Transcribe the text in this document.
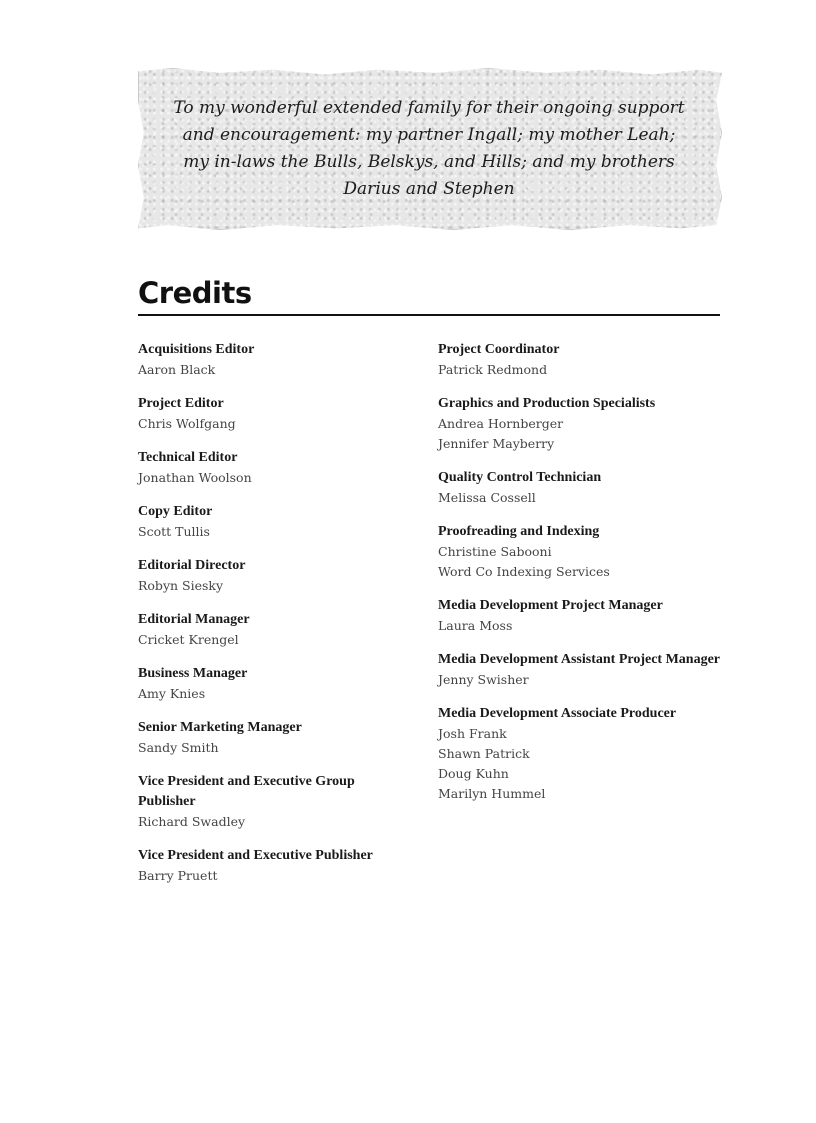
To my wonderful extended family for their ongoing support
and encouragement: my partner Ingall; my mother Leah;
my in-laws the Bulls, Belskys, and Hills; and my brothers
Darius and Stephen
Credits
Acquisitions Editor
Aaron Black
Project Editor
Chris Wolfgang
Technical Editor
Jonathan Woolson
Copy Editor
Scott Tullis
Editorial Director
Robyn Siesky
Editorial Manager
Cricket Krengel
Business Manager
Amy Knies
Senior Marketing Manager
Sandy Smith
Vice President and Executive Group Publisher
Richard Swadley
Vice President and Executive Publisher
Barry Pruett
Project Coordinator
Patrick Redmond
Graphics and Production Specialists
Andrea Hornberger
Jennifer Mayberry
Quality Control Technician
Melissa Cossell
Proofreading and Indexing
Christine Sabooni
Word Co Indexing Services
Media Development Project Manager
Laura Moss
Media Development Assistant Project Manager
Jenny Swisher
Media Development Associate Producer
Josh Frank
Shawn Patrick
Doug Kuhn
Marilyn Hummel
